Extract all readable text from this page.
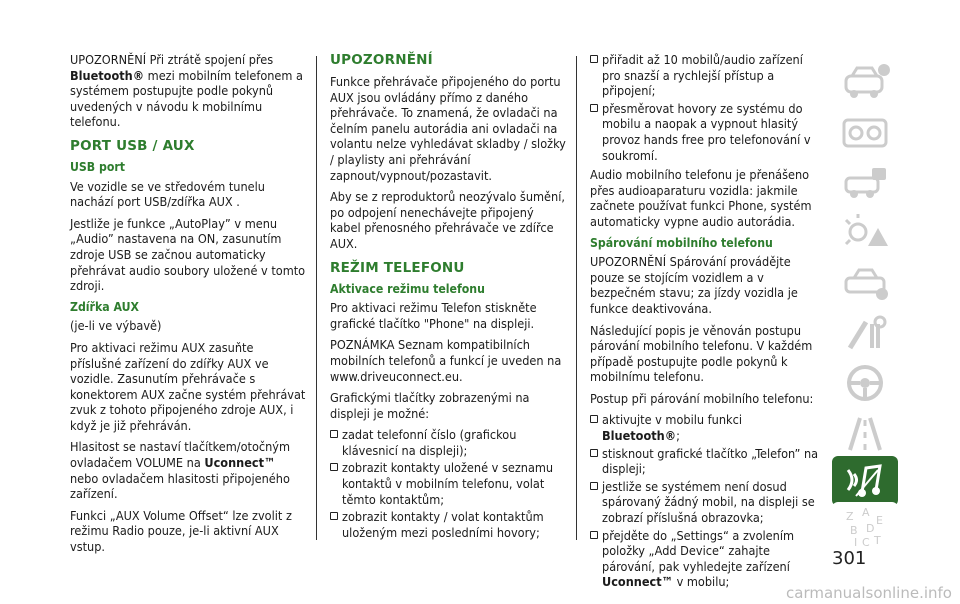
UPOZORNĚNÍ Při ztrátě spojení přes Bluetooth® mezi mobilním telefonem a systémem postupujte podle pokynů uvedených v návodu k mobilnímu telefonu.

PORT USB / AUX
USB port

Ve vozidle se ve středovém tunelu nachází port USB/zdířka AUX .

Jestliže je funkce „AutoPlay” v menu „Audio” nastavena na ON, zasunutím zdroje USB se začnou automaticky přehrávat audio soubory uložené v tomto zdroji.

Zdířka AUX

(je-li ve výbavě)

Pro aktivaci režimu AUX zasuňte příslušné zařízení do zdířky AUX ve vozidle. Zasunutím přehrávače s konektorem AUX začne systém přehrávat zvuk z tohoto připojeného zdroje AUX, i když je již přehráván.

Hlasitost se nastaví tlačítkem/otočným ovladačem VOLUME na Uconnect™ nebo ovladačem hlasitosti připojeného zařízení.

Funkci „AUX Volume Offset“ lze zvolit z režimu Radio pouze, je-li aktivní AUX vstup.

UPOZORNĚNÍ

Funkce přehrávače připojeného do portu AUX jsou ovládány přímo z daného přehrávače. To znamená, že ovladači na čelním panelu autorádia ani ovladači na volantu nelze vyhledávat skladby / složky / playlisty ani přehrávání zapnout/vypnout/pozastavit.

Aby se z reproduktorů neozývalo šumění, po odpojení nenechávejte připojený kabel přenosného přehrávače ve zdířce AUX.

REŽIM TELEFONU
Aktivace režimu telefonu

Pro aktivaci režimu Telefon stiskněte grafické tlačítko "Phone" na displeji.

POZNÁMKA Seznam kompatibilních mobilních telefonů a funkcí je uveden na www.driveuconnect.eu.

Grafickými tlačítky zobrazenými na displeji je možné:

zadat telefonní číslo (grafickou klávesnicí na displeji);
zobrazit kontakty uložené v seznamu kontaktů v mobilním telefonu, volat těmto kontaktům;
zobrazit kontakty / volat kontaktům uloženým mezi posledními hovory;
přiřadit až 10 mobilů/audio zařízení pro snazší a rychlejší přístup a připojení;
přesměrovat hovory ze systému do mobilu a naopak a vypnout hlasitý provoz hands free pro telefonování v soukromí.

Audio mobilního telefonu je přenášeno přes audioaparaturu vozidla: jakmile začnete používat funkci Phone, systém automaticky vypne audio autorádia.

Spárování mobilního telefonu

UPOZORNĚNÍ Spárování provádějte pouze se stojícím vozidlem a v bezpečném stavu; za jízdy vozidla je funkce deaktivována.

Následující popis je věnován postupu párování mobilního telefonu. V každém případě postupujte podle pokynů k mobilnímu telefonu.

Postup při párování mobilního telefonu:

aktivujte v mobilu funkci Bluetooth®;
stisknout grafické tlačítko „Telefon” na displeji;
jestliže se systémem není dosud spárovaný žádný mobil, na displeji se zobrazí příslušná obrazovka;
přejděte do „Settings“ a zvolením položky „Add Device“ zahajte párování, pak vyhledejte zařízení Uconnect™ v mobilu;
Z A
E
B D
I C T
301
carmanualsonline.info
